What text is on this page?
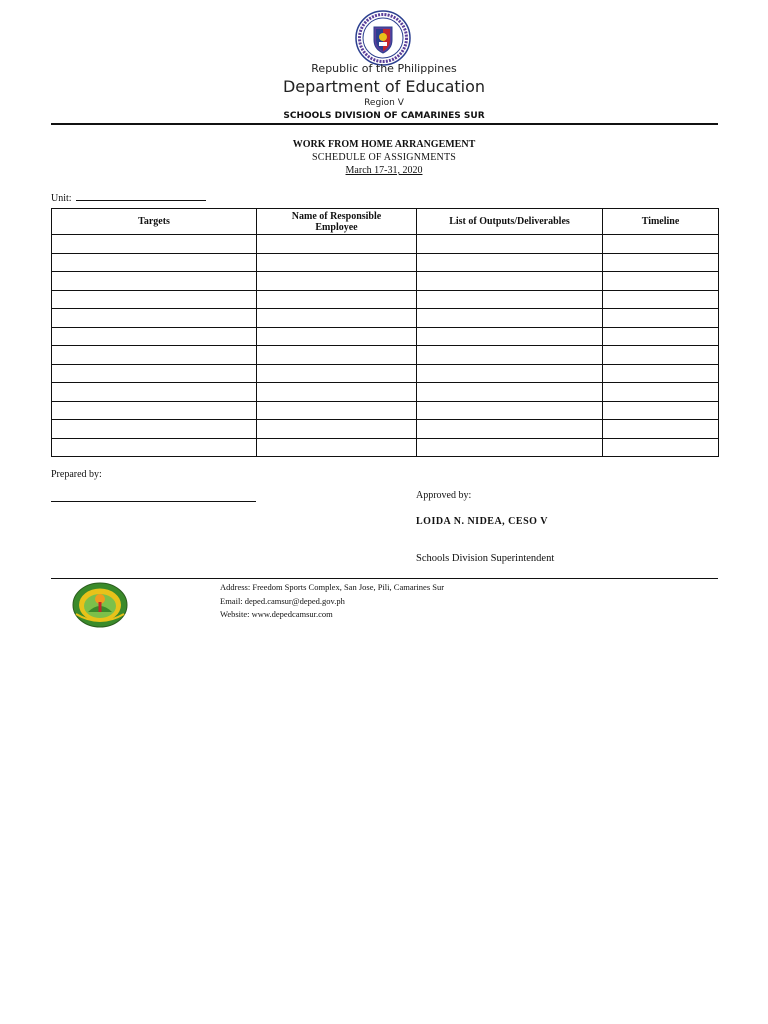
Republic of the Philippines
Department of Education
Region V
SCHOOLS DIVISION OF CAMARINES SUR
WORK FROM HOME ARRANGEMENT
SCHEDULE OF ASSIGNMENTS
March 17-31, 2020
Unit:
Targets	Name of Responsible Employee	List of Outputs/Deliverables	Timeline

Prepared by:
Approved by:
LOIDA N. NIDEA, CESO V
Schools Division Superintendent
Address: Freedom Sports Complex, San Jose, Pili, Camarines Sur
Email: deped.camsur@deped.gov.ph
Website: www.depedcamsur.com
